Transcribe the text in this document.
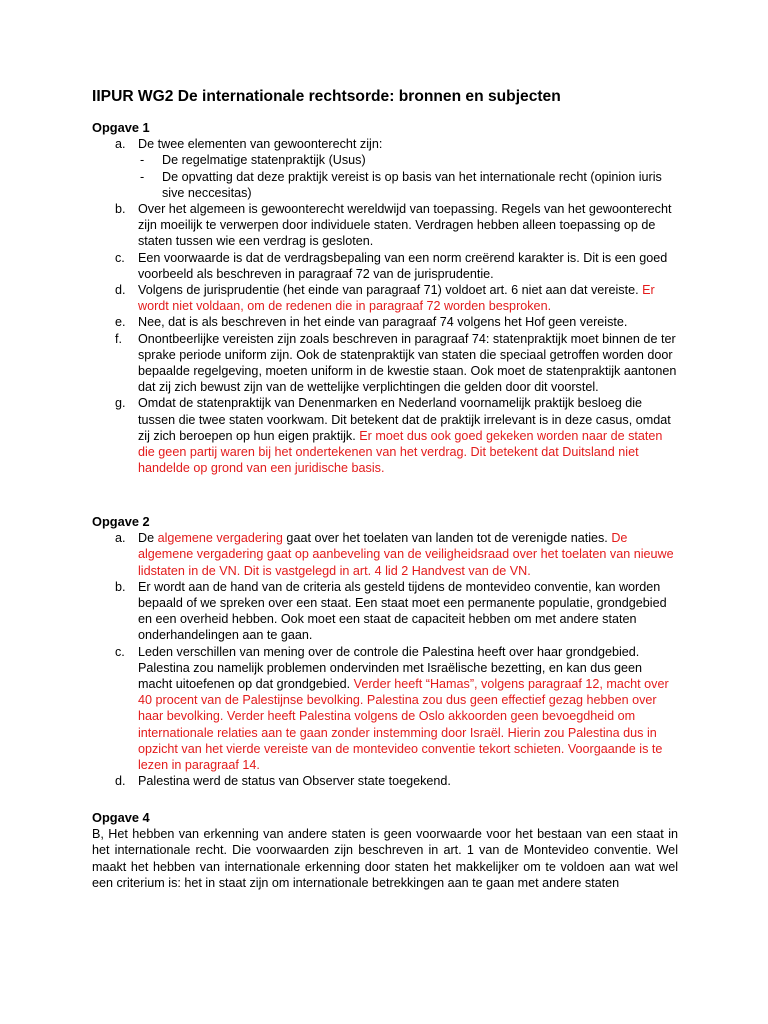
IIPUR WG2 De internationale rechtsorde: bronnen en subjecten
Opgave 1
a. De twee elementen van gewoonterecht zijn:
- De regelmatige statenpraktijk (Usus)
- De opvatting dat deze praktijk vereist is op basis van het internationale recht (opinion iuris sive neccesitas)
b. Over het algemeen is gewoonterecht wereldwijd van toepassing. Regels van het gewoonterecht zijn moeilijk te verwerpen door individuele staten. Verdragen hebben alleen toepassing op de staten tussen wie een verdrag is gesloten.
c. Een voorwaarde is dat de verdragsbepaling van een norm creërend karakter is. Dit is een goed voorbeeld als beschreven in paragraaf 72 van de jurisprudentie.
d. Volgens de jurisprudentie (het einde van paragraaf 71) voldoet art. 6 niet aan dat vereiste. Er wordt niet voldaan, om de redenen die in paragraaf 72 worden besproken.
e. Nee, dat is als beschreven in het einde van paragraaf 74 volgens het Hof geen vereiste.
f. Onontbeerlijke vereisten zijn zoals beschreven in paragraaf 74: statenpraktijk moet binnen de ter sprake periode uniform zijn. Ook de statenpraktijk van staten die speciaal getroffen worden door bepaalde regelgeving, moeten uniform in de kwestie staan. Ook moet de statenpraktijk aantonen dat zij zich bewust zijn van de wettelijke verplichtingen die gelden door dit voorstel.
g. Omdat de statenpraktijk van Denenmarken en Nederland voornamelijk praktijk besloeg die tussen die twee staten voorkwam. Dit betekent dat de praktijk irrelevant is in deze casus, omdat zij zich beroepen op hun eigen praktijk. Er moet dus ook goed gekeken worden naar de staten die geen partij waren bij het ondertekenen van het verdrag. Dit betekent dat Duitsland niet handelde op grond van een juridische basis.
Opgave 2
a. De algemene vergadering gaat over het toelaten van landen tot de verenigde naties. De algemene vergadering gaat op aanbeveling van de veiligheidsraad over het toelaten van nieuwe lidstaten in de VN. Dit is vastgelegd in art. 4 lid 2 Handvest van de VN.
b. Er wordt aan de hand van de criteria als gesteld tijdens de montevideo conventie, kan worden bepaald of we spreken over een staat. Een staat moet een permanente populatie, grondgebied en een overheid hebben. Ook moet een staat de capaciteit hebben om met andere staten onderhandelingen aan te gaan.
c. Leden verschillen van mening over de controle die Palestina heeft over haar grondgebied. Palestina zou namelijk problemen ondervinden met Israëlische bezetting, en kan dus geen macht uitoefenen op dat grondgebied. Verder heeft “Hamas”, volgens paragraaf 12, macht over 40 procent van de Palestijnse bevolking. Palestina zou dus geen effectief gezag hebben over haar bevolking. Verder heeft Palestina volgens de Oslo akkoorden geen bevoegdheid om internationale relaties aan te gaan zonder instemming door Israël. Hierin zou Palestina dus in opzicht van het vierde vereiste van de montevideo conventie tekort schieten. Voorgaande is te lezen in paragraaf 14.
d. Palestina werd de status van Observer state toegekend.
Opgave 4
B, Het hebben van erkenning van andere staten is geen voorwaarde voor het bestaan van een staat in het internationale recht. Die voorwaarden zijn beschreven in art. 1 van de Montevideo conventie. Wel maakt het hebben van internationale erkenning door staten het makkelijker om te voldoen aan wat wel een criterium is: het in staat zijn om internationale betrekkingen aan te gaan met andere staten
